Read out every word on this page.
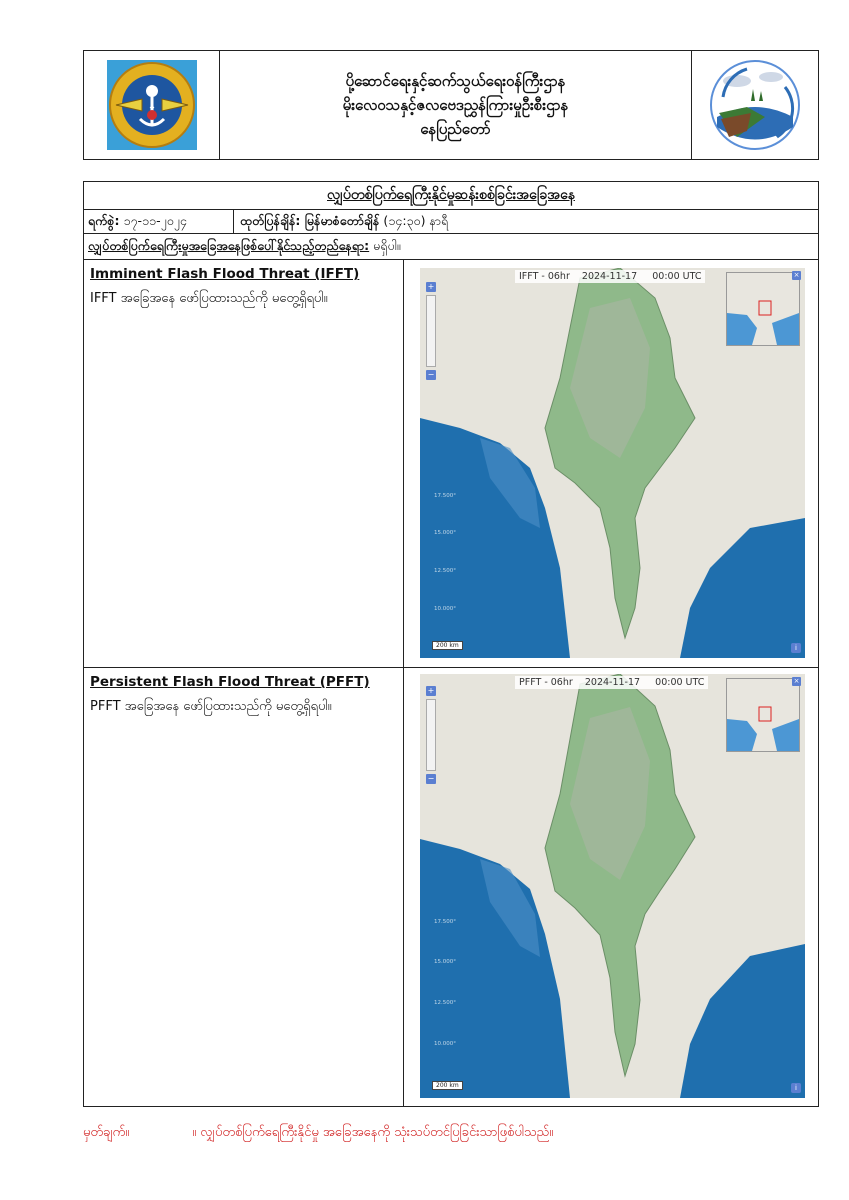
◆
ပို့ဆောင်ရေးနှင့်ဆက်သွယ်ရေးဝန်ကြီးဌာန
မိုးလေဝသနှင့်ဇလဗေဒညွှန်ကြားမှုဦးစီးဌာန
နေပြည်တော်
လျှပ်တစ်ပြက်ရေကြီးနိုင်မှုဆန်းစစ်ခြင်းအခြေအနေ
ရက်စွဲ: ၁၇-၁၁-၂၀၂၄	ထုတ်ပြန်ချိန်: မြန်မာစံတော်ချိန် (၁၄:၃၀) နာရီ
လျှပ်တစ်ပြက်ရေကြီးမှုအခြေအနေဖြစ်ပေါ်နိုင်သည့်တည်နေရာ: မရှိပါ။
Imminent Flash Flood Threat (IFFT)
IFFT အခြေအနေ ဖော်ပြထားသည်ကို မတွေ့ရှိရပါ။
IFFT - 06hr    2024-11-17     00:00 UTC
+
−
×
17.500°
15.000°
12.500°
10.000°
200 km	i
Persistent Flash Flood Threat (PFFT)
PFFT အခြေအနေ ဖော်ပြထားသည်ကို မတွေ့ရှိရပါ။
PFFT - 06hr    2024-11-17     00:00 UTC
+
−
×
17.500°
15.000°
12.500°
10.000°
200 km	i
မှတ်ချက်။	။ လျှပ်တစ်ပြက်ရေကြီးနိုင်မှု အခြေအနေကို သုံးသပ်တင်ပြခြင်းသာဖြစ်ပါသည်။
